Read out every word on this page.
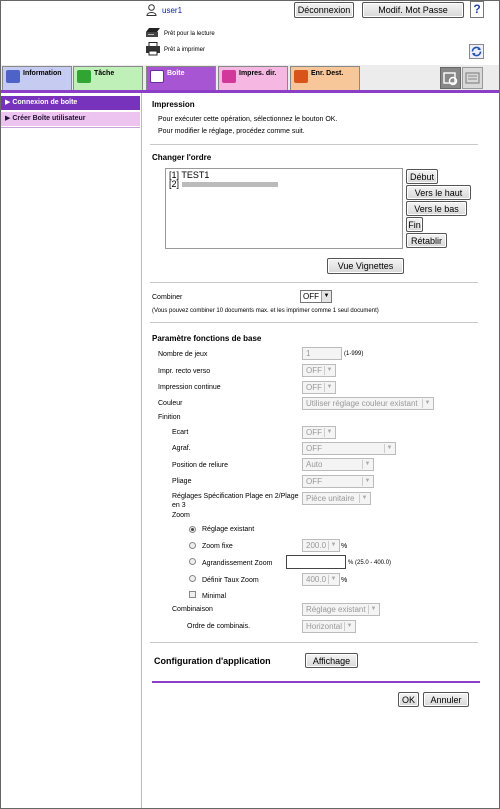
user1	Déconnexion	Modif. Mot Passe	?
Prêt pour la lecture
Prêt à imprimer
Information	Tâche	Boîte	Impres. dir.	Enr. Dest.
▶ Connexion de boîte
▶ Créer Boîte utilisateur
Impression
Pour exécuter cette opération, sélectionnez le bouton OK.
Pour modifier le réglage, procédez comme suit.
Changer l'ordre
[1] TEST1
[2]
Début
Vers le haut
Vers le bas
Fin
Rétablir
Vue Vignettes
Combiner	OFF ▼
(Vous pouvez combiner 10 documents max. et les imprimer comme 1 seul document)
Paramètre fonctions de base
Nombre de jeux	1	(1-999)
Impr. recto verso	OFF ▼
Impression continue	OFF ▼
Couleur	Utiliser réglage couleur existant	▼
Finition
Ecart	OFF ▼
Agraf.	OFF	▼
Position de reliure	Auto	▼
Pliage	OFF	▼
Réglages Spécification Plage en 2/Plage
en 3
Pièce unitaire	▼
Zoom
Réglage existant
Zoom fixe	200.0 ▼ %
Agrandissement Zoom	% (25.0 - 400.0)
Définir Taux Zoom	400.0 ▼ %
Minimal
Combinaison	Réglage existant ▼
Ordre de combinais.	Horizontal ▼
Configuration d'application	Affichage
OK	Annuler
